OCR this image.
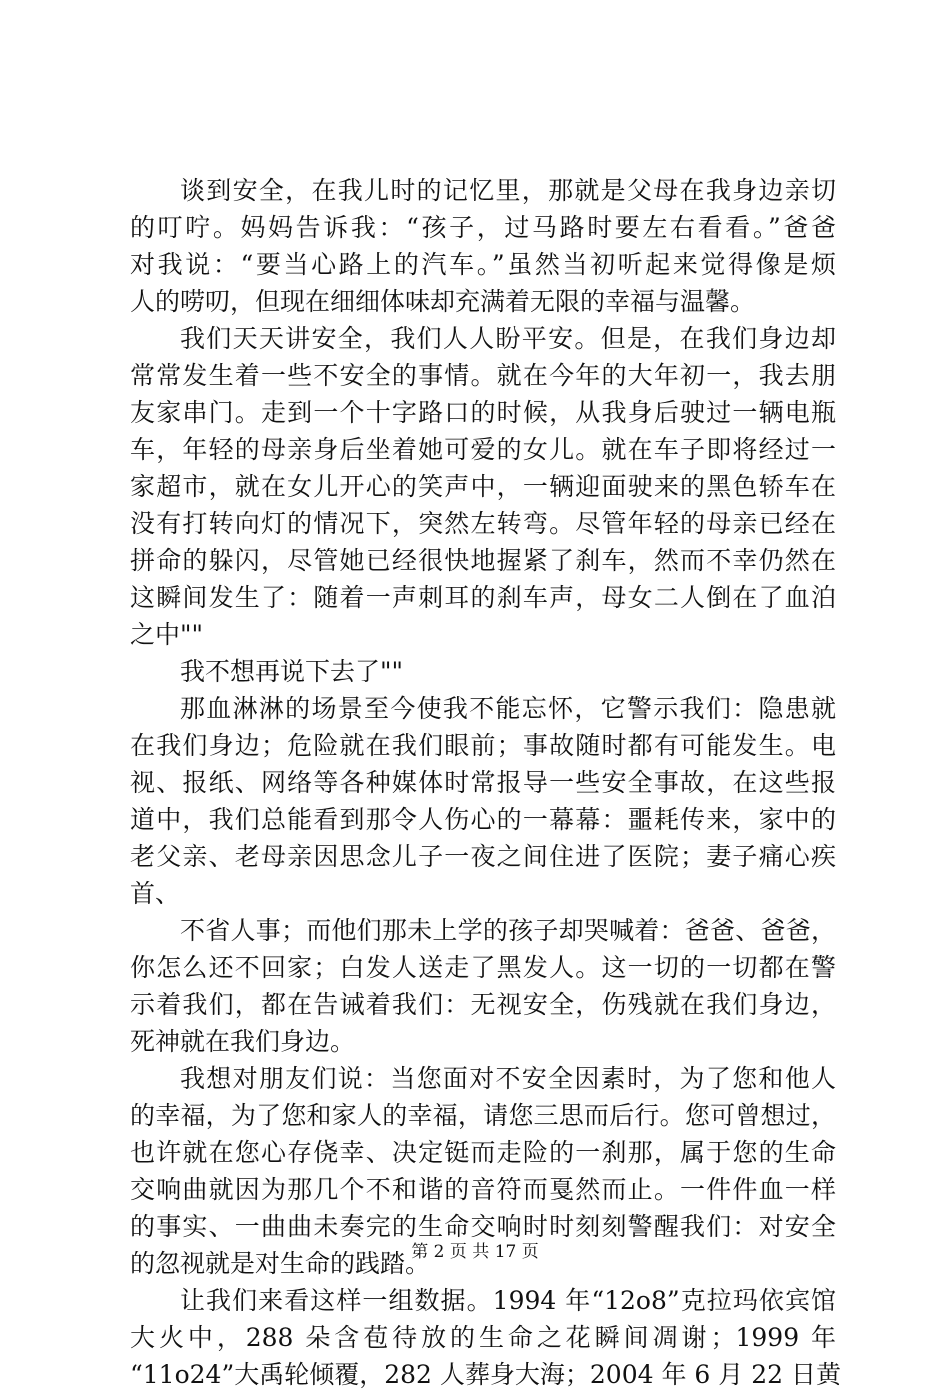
谈到安全，在我儿时的记忆里，那就是父母在我身边亲切
的叮咛。妈妈告诉我：“孩子，过马路时要左右看看。”爸爸
对我说：“要当心路上的汽车。”虽然当初听起来觉得像是烦
人的唠叨，但现在细细体味却充满着无限的幸福与温馨。
我们天天讲安全，我们人人盼平安。但是，在我们身边却
常常发生着一些不安全的事情。就在今年的大年初一，我去朋
友家串门。走到一个十字路口的时候，从我身后驶过一辆电瓶
车，年轻的母亲身后坐着她可爱的女儿。就在车子即将经过一
家超市，就在女儿开心的笑声中，一辆迎面驶来的黑色轿车在
没有打转向灯的情况下，突然左转弯。尽管年轻的母亲已经在
拼命的躲闪，尽管她已经很快地握紧了刹车，然而不幸仍然在
这瞬间发生了：随着一声刺耳的刹车声，母女二人倒在了血泊
之中""
我不想再说下去了""
那血淋淋的场景至今使我不能忘怀，它警示我们：隐患就
在我们身边；危险就在我们眼前；事故随时都有可能发生。电
视、报纸、网络等各种媒体时常报导一些安全事故，在这些报
道中，我们总能看到那令人伤心的一幕幕：噩耗传来，家中的
老父亲、老母亲因思念儿子一夜之间住进了医院；妻子痛心疾
首、
不省人事；而他们那未上学的孩子却哭喊着：爸爸、爸爸，
你怎么还不回家；白发人送走了黑发人。这一切的一切都在警
示着我们，都在告诫着我们：无视安全，伤残就在我们身边，
死神就在我们身边。
我想对朋友们说：当您面对不安全因素时，为了您和他人
的幸福，为了您和家人的幸福，请您三思而后行。您可曾想过，
也许就在您心存侥幸、决定铤而走险的一刹那，属于您的生命
交响曲就因为那几个不和谐的音符而戛然而止。一件件血一样
的事实、一曲曲未奏完的生命交响时时刻刻警醒我们：对安全
的忽视就是对生命的践踏。
让我们来看这样一组数据。1994 年“12o8”克拉玛依宾馆
大火中，288 朵含苞待放的生命之花瞬间凋谢；1999 年
“11o24”大禹轮倾覆，282 人葬身大海；2004 年 6 月 22 日黄
第 2 页 共 17 页
